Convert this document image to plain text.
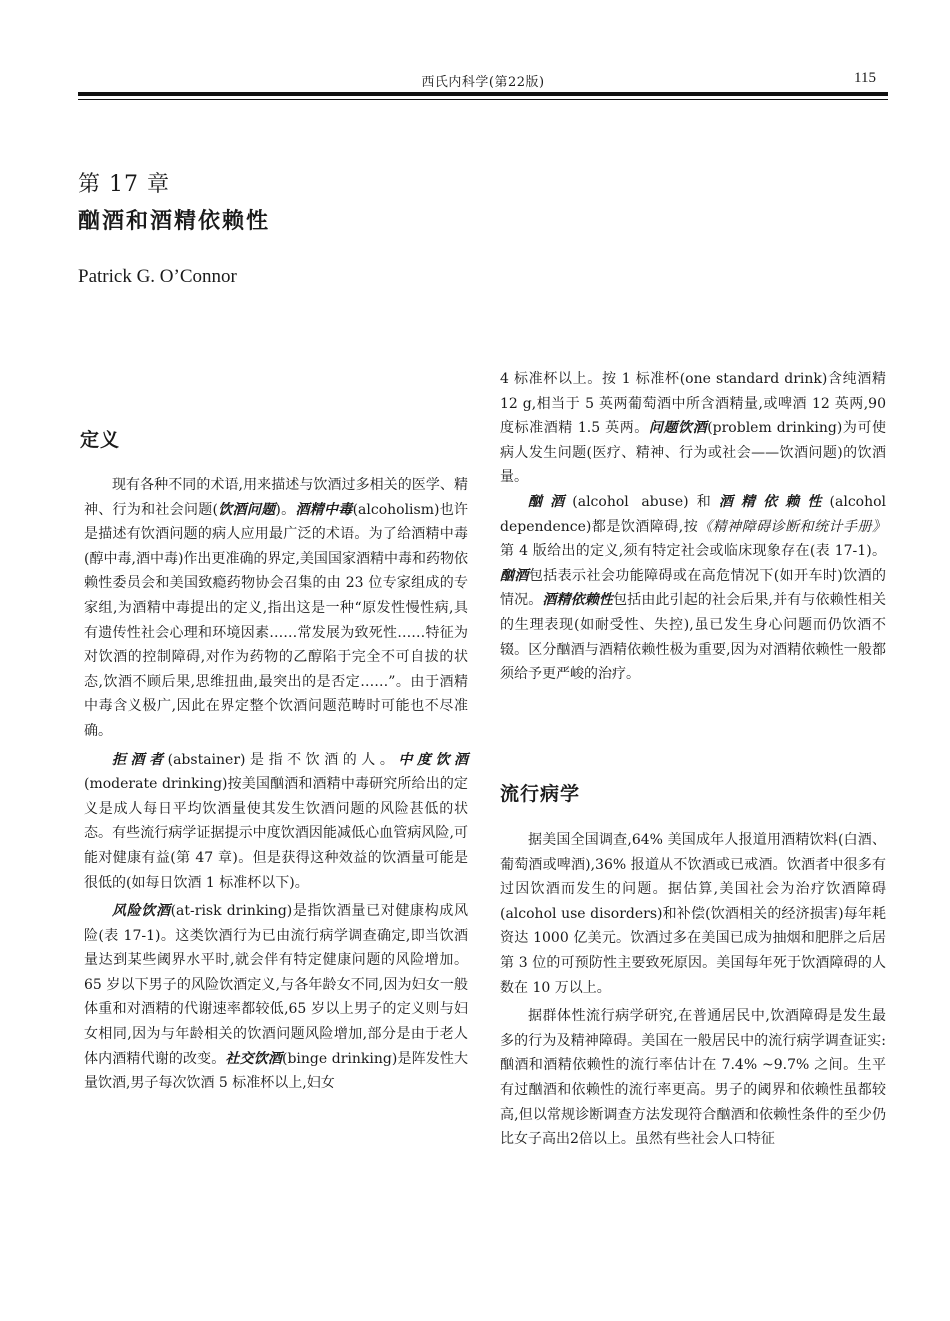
西氏内科学(第22版)	115
第 17 章
酗酒和酒精依赖性
Patrick G. O’Connor
定义

现有各种不同的术语,用来描述与饮酒过多相关的医学、精神、行为和社会问题(饮酒问题)。酒精中毒(alcoholism)也许是描述有饮酒问题的病人应用最广泛的术语。为了给酒精中毒(醇中毒,酒中毒)作出更准确的界定,美国国家酒精中毒和药物依赖性委员会和美国致瘾药物协会召集的由 23 位专家组成的专家组,为酒精中毒提出的定义,指出这是一种“原发性慢性病,具有遗传性社会心理和环境因素……常发展为致死性……特征为对饮酒的控制障碍,对作为药物的乙醇陷于完全不可自拔的状态,饮酒不顾后果,思维扭曲,最突出的是否定……”。由于酒精中毒含义极广,因此在界定整个饮酒问题范畴时可能也不尽准确。

拒酒者(abstainer)是指不饮酒的人。中度饮酒(moderate drinking)按美国酗酒和酒精中毒研究所给出的定义是成人每日平均饮酒量使其发生饮酒问题的风险甚低的状态。有些流行病学证据提示中度饮酒因能减低心血管病风险,可能对健康有益(第 47 章)。但是获得这种效益的饮酒量可能是很低的(如每日饮酒 1 标准杯以下)。

风险饮酒(at-risk drinking)是指饮酒量已对健康构成风险(表 17-1)。这类饮酒行为已由流行病学调查确定,即当饮酒量达到某些阈界水平时,就会伴有特定健康问题的风险增加。65 岁以下男子的风险饮酒定义,与各年龄女不同,因为妇女一般体重和对酒精的代谢速率都较低,65 岁以上男子的定义则与妇女相同,因为与年龄相关的饮酒问题风险增加,部分是由于老人体内酒精代谢的改变。社交饮酒(binge drinking)是阵发性大量饮酒,男子每次饮酒 5 标准杯以上,妇女

4 标准杯以上。按 1 标准杯(one standard drink)含纯酒精 12 g,相当于 5 英两葡萄酒中所含酒精量,或啤酒 12 英两,90 度标准酒精 1.5 英两。问题饮酒(problem drinking)为可使病人发生问题(医疗、精神、行为或社会——饮酒问题)的饮酒量。

酗酒(alcohol abuse)和酒精依赖性(alcohol dependence)都是饮酒障碍,按《精神障碍诊断和统计手册》第 4 版给出的定义,须有特定社会或临床现象存在(表 17-1)。酗酒包括表示社会功能障碍或在高危情况下(如开车时)饮酒的情况。酒精依赖性包括由此引起的社会后果,并有与依赖性相关的生理表现(如耐受性、失控),虽已发生身心问题而仍饮酒不辍。区分酗酒与酒精依赖性极为重要,因为对酒精依赖性一般都须给予更严峻的治疗。

流行病学

据美国全国调查,64% 美国成年人报道用酒精饮料(白酒、葡萄酒或啤酒),36% 报道从不饮酒或已戒酒。饮酒者中很多有过因饮酒而发生的问题。据估算,美国社会为治疗饮酒障碍(alcohol use disorders)和补偿(饮酒相关的经济损害)每年耗资达 1000 亿美元。饮酒过多在美国已成为抽烟和肥胖之后居第 3 位的可预防性主要致死原因。美国每年死于饮酒障碍的人数在 10 万以上。

据群体性流行病学研究,在普通居民中,饮酒障碍是发生最多的行为及精神障碍。美国在一般居民中的流行病学调查证实:酗酒和酒精依赖性的流行率估计在 7.4% ~9.7% 之间。生平有过酗酒和依赖性的流行率更高。男子的阈界和依赖性虽都较高,但以常规诊断调查方法发现符合酗酒和依赖性条件的至少仍比女子高出2倍以上。虽然有些社会人口特征
